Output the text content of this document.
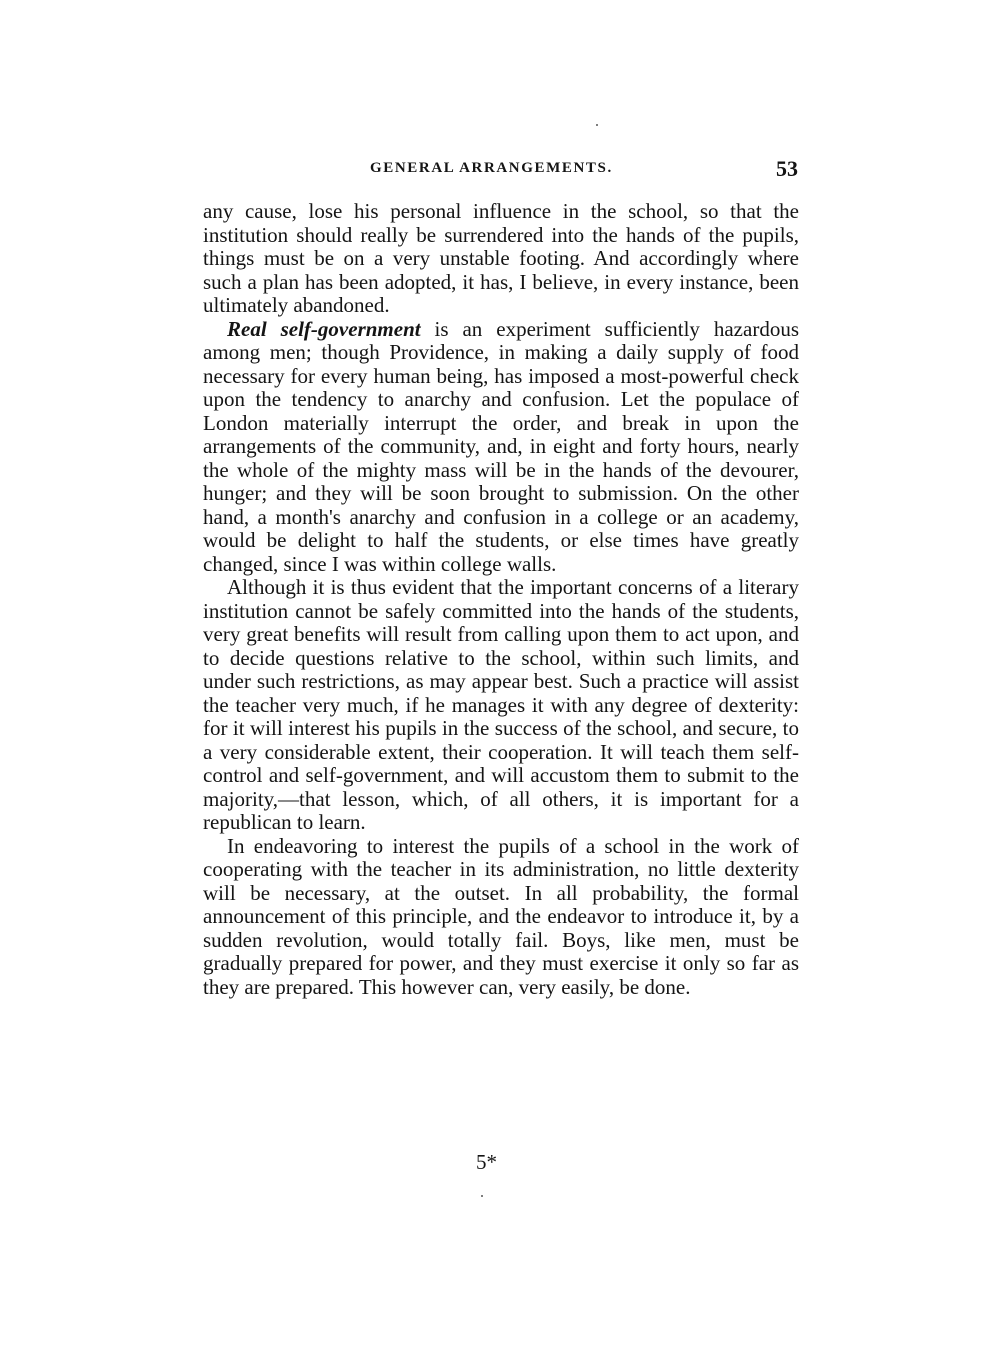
GENERAL ARRANGEMENTS.	53

any cause, lose his personal influence in the school, so that the institution should really be surrendered into the hands of the pupils, things must be on a very unstable footing. And accordingly where such a plan has been adopted, it has, I believe, in every instance, been ultimately abandoned.

Real self-government is an experiment sufficiently hazardous among men; though Providence, in making a daily supply of food necessary for every human being, has imposed a most-powerful check upon the tendency to anarchy and confusion. Let the populace of London materially interrupt the order, and break in upon the arrangements of the community, and, in eight and forty hours, nearly the whole of the mighty mass will be in the hands of the devourer, hunger; and they will be soon brought to submission. On the other hand, a month's anarchy and confusion in a college or an academy, would be delight to half the students, or else times have greatly changed, since I was within college walls.

Although it is thus evident that the important concerns of a literary institution cannot be safely committed into the hands of the students, very great benefits will result from calling upon them to act upon, and to decide questions relative to the school, within such limits, and under such restrictions, as may appear best. Such a practice will assist the teacher very much, if he manages it with any degree of dexterity: for it will interest his pupils in the success of the school, and secure, to a very considerable extent, their cooperation. It will teach them self-control and self-government, and will accustom them to submit to the majority,—that lesson, which, of all others, it is important for a republican to learn.

In endeavoring to interest the pupils of a school in the work of cooperating with the teacher in its administration, no little dexterity will be necessary, at the outset. In all probability, the formal announcement of this principle, and the endeavor to introduce it, by a sudden revolution, would totally fail. Boys, like men, must be gradually prepared for power, and they must exercise it only so far as they are prepared. This however can, very easily, be done.

5*
